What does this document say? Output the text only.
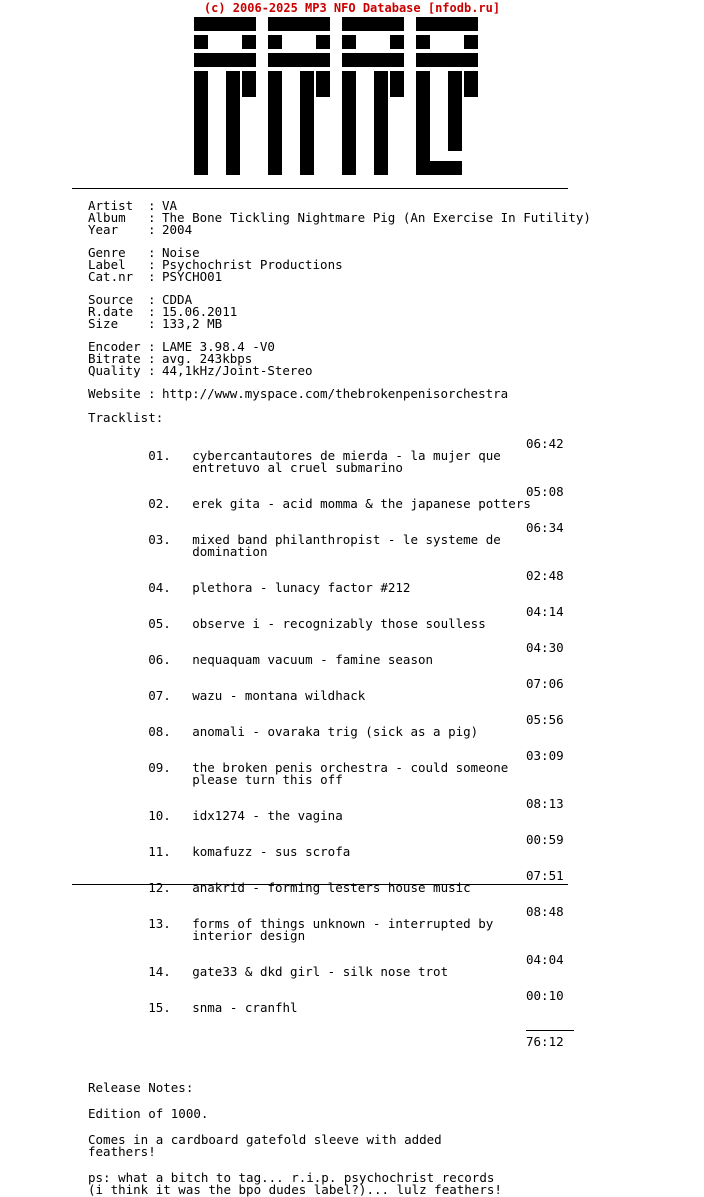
(c) 2006-2025 MP3 NFO Database [nfodb.ru]
Artist : VA
Album : The Bone Tickling Nightmare Pig (An Exercise In Futility)
Year : 2004
Genre : Noise
Label : Psychochrist Productions
Cat.nr : PSYCHO01
Source : CDDA
R.date : 15.06.2011
Size : 133,2 MB
Encoder : LAME 3.98.4 -V0
Bitrate : avg. 243kbps
Quality : 44,1kHz/Joint-Stereo
Website : http://www.myspace.com/thebrokenpenisorchestra
Tracklist:

01. cybercantautores de mierda - la mujer que entretuvo al cruel submarino
06:42

02. erek gita - acid momma & the japanese potters
05:08

03. mixed band philanthropist - le systeme de domination
06:34

04. plethora - lunacy factor #212
02:48

05. observe i - recognizably those soulless
04:14

06. nequaquam vacuum - famine season
04:30

07. wazu - montana wildhack
07:06

08. anomali - ovaraka trig (sick as a pig)
05:56

09. the broken penis orchestra - could someone please turn this off
03:09

10. idx1274 - the vagina
08:13

11. komafuzz - sus scrofa
00:59

12. anakrid - forming lesters house music
07:51

13. forms of things unknown - interrupted by interior design
08:48

14. gate33 & dkd girl - silk nose trot
04:04

15. snma - cranfhl
00:10

76:12
Release Notes:
Edition of 1000.
Comes in a cardboard gatefold sleeve with added feathers!
ps: what a bitch to tag... r.i.p. psychochrist records (i think it was the bpo dudes label?)... lulz feathers!
